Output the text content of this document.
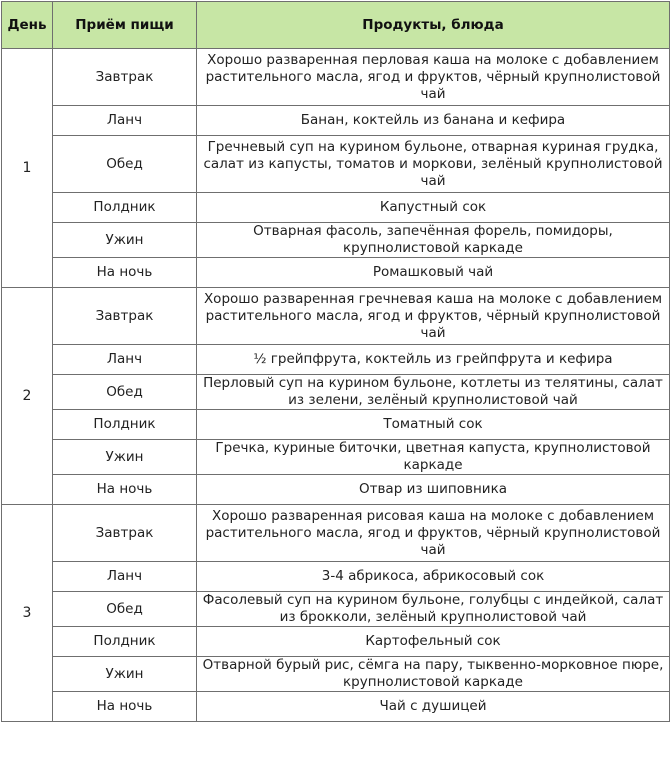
День	Приём пищи	Продукты, блюда
1	Завтрак	Хорошо разваренная перловая каша на молоке с добавлением растительного масла, ягод и фруктов, чёрный крупнолистовой чай
	Ланч	Банан, коктейль из банана и кефира
	Обед	Гречневый суп на курином бульоне, отварная куриная грудка, салат из капусты, томатов и моркови, зелёный крупнолистовой чай
	Полдник	Капустный сок
	Ужин	Отварная фасоль, запечённая форель, помидоры, крупнолистовой каркаде
	На ночь	Ромашковый чай
2	Завтрак	Хорошо разваренная гречневая каша на молоке с добавлением растительного масла, ягод и фруктов, чёрный крупнолистовой чай
	Ланч	½ грейпфрута, коктейль из грейпфрута и кефира
	Обед	Перловый суп на курином бульоне, котлеты из телятины, салат из зелени, зелёный крупнолистовой чай
	Полдник	Томатный сок
	Ужин	Гречка, куриные биточки, цветная капуста, крупнолистовой каркаде
	На ночь	Отвар из шиповника
3	Завтрак	Хорошо разваренная рисовая каша на молоке с добавлением растительного масла, ягод и фруктов, чёрный крупнолистовой чай
	Ланч	3-4 абрикоса, абрикосовый сок
	Обед	Фасолевый суп на курином бульоне, голубцы с индейкой, салат из брокколи, зелёный крупнолистовой чай
	Полдник	Картофельный сок
	Ужин	Отварной бурый рис, сёмга на пару, тыквенно-морковное пюре, крупнолистовой каркаде
	На ночь	Чай с душицей
